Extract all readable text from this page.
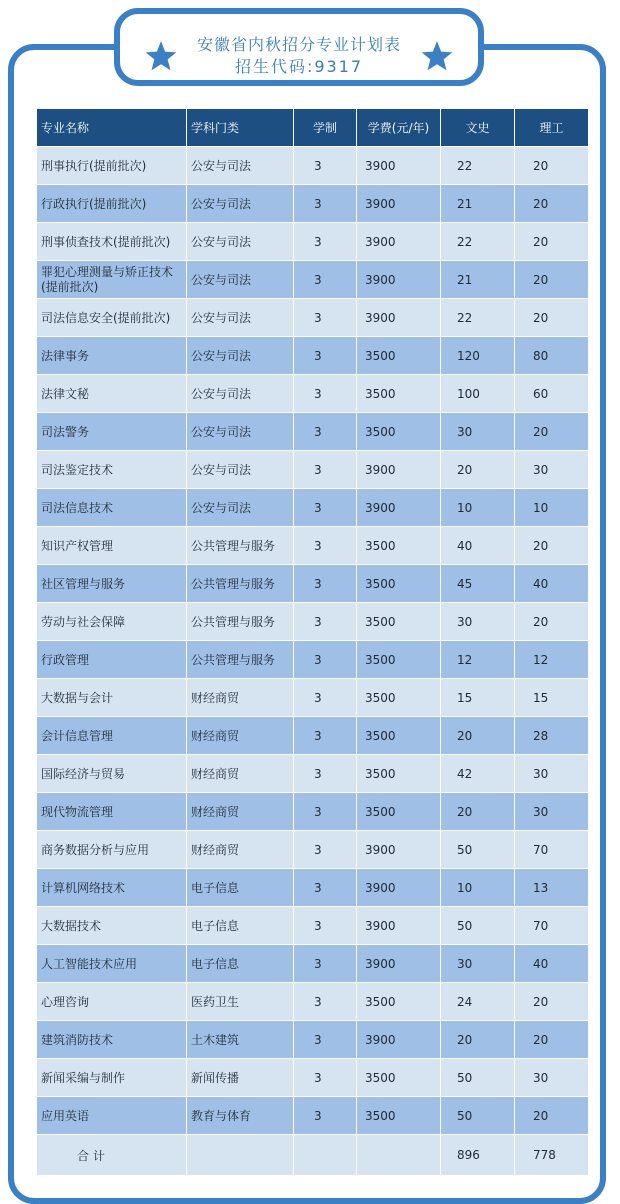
安徽省内秋招分专业计划表
招生代码:9317
专业名称	学科门类	学制	学费(元/年)	文史	理工
刑事执行(提前批次)	公安与司法	3	3900	22	20
行政执行(提前批次)	公安与司法	3	3900	21	20
刑事侦查技术(提前批次)	公安与司法	3	3900	22	20
罪犯心理测量与矫正技术(提前批次)	公安与司法	3	3900	21	20
司法信息安全(提前批次)	公安与司法	3	3900	22	20
法律事务	公安与司法	3	3500	120	80
法律文秘	公安与司法	3	3500	100	60
司法警务	公安与司法	3	3500	30	20
司法鉴定技术	公安与司法	3	3900	20	30
司法信息技术	公安与司法	3	3900	10	10
知识产权管理	公共管理与服务	3	3500	40	20
社区管理与服务	公共管理与服务	3	3500	45	40
劳动与社会保障	公共管理与服务	3	3500	30	20
行政管理	公共管理与服务	3	3500	12	12
大数据与会计	财经商贸	3	3500	15	15
会计信息管理	财经商贸	3	3500	20	28
国际经济与贸易	财经商贸	3	3500	42	30
现代物流管理	财经商贸	3	3500	20	30
商务数据分析与应用	财经商贸	3	3900	50	70
计算机网络技术	电子信息	3	3900	10	13
大数据技术	电子信息	3	3900	50	70
人工智能技术应用	电子信息	3	3900	30	40
心理咨询	医药卫生	3	3500	24	20
建筑消防技术	土木建筑	3	3900	20	20
新闻采编与制作	新闻传播	3	3500	50	30
应用英语	教育与体育	3	3500	50	20
合 计				896	778
